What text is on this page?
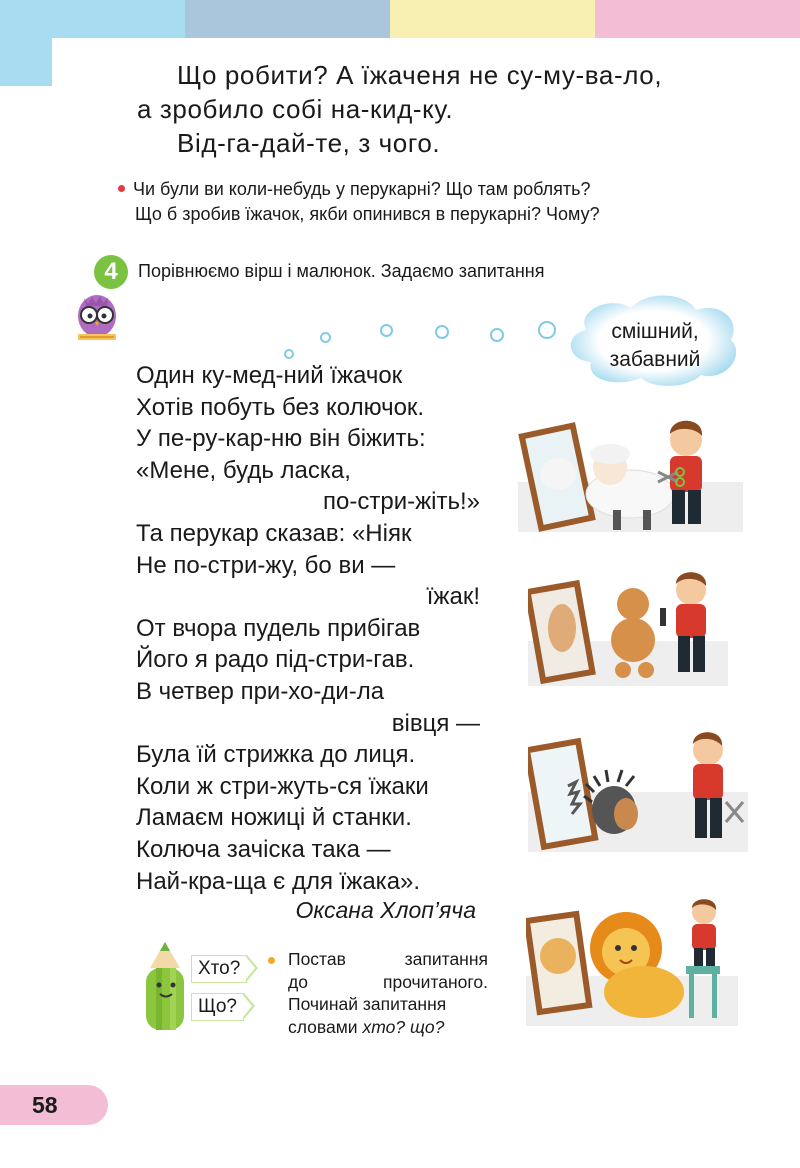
Що робити? А їжаченя не су-му-ва-ло,
а зробило собі на-кид-ку.
Від-га-дай-те, з чого.
Чи були ви коли-небудь у перукарні? Що там роблять?
Що б зробив їжачок, якби опинився в перукарні? Чому?
4	Порівнюємо вірш і малюнок. Задаємо запитання
смішний,
забавний
Один ку-мед-ний їжачок
Хотів побуть без колючок.
У пе-ру-кар-ню він біжить:
«Мене, будь ласка,
по-стри-жіть!»
Та перукар сказав: «Ніяк
Не по-стри-жу, бо ви —
їжак!
От вчора пудель прибігав
Його я радо під-стри-гав.
В четвер при-хо-ди-ла
вівця —
Була їй стрижка до лиця.
Коли ж стри-жуть-ся їжаки
Ламаєм ножиці й станки.
Колюча зачіска така —
Най-кра-ща є для їжака».
Оксана Хлоп’яча
Хто?
Що?
Постав	запитання
до	прочитаного.
Починай запитання
словами хто? що?
58
